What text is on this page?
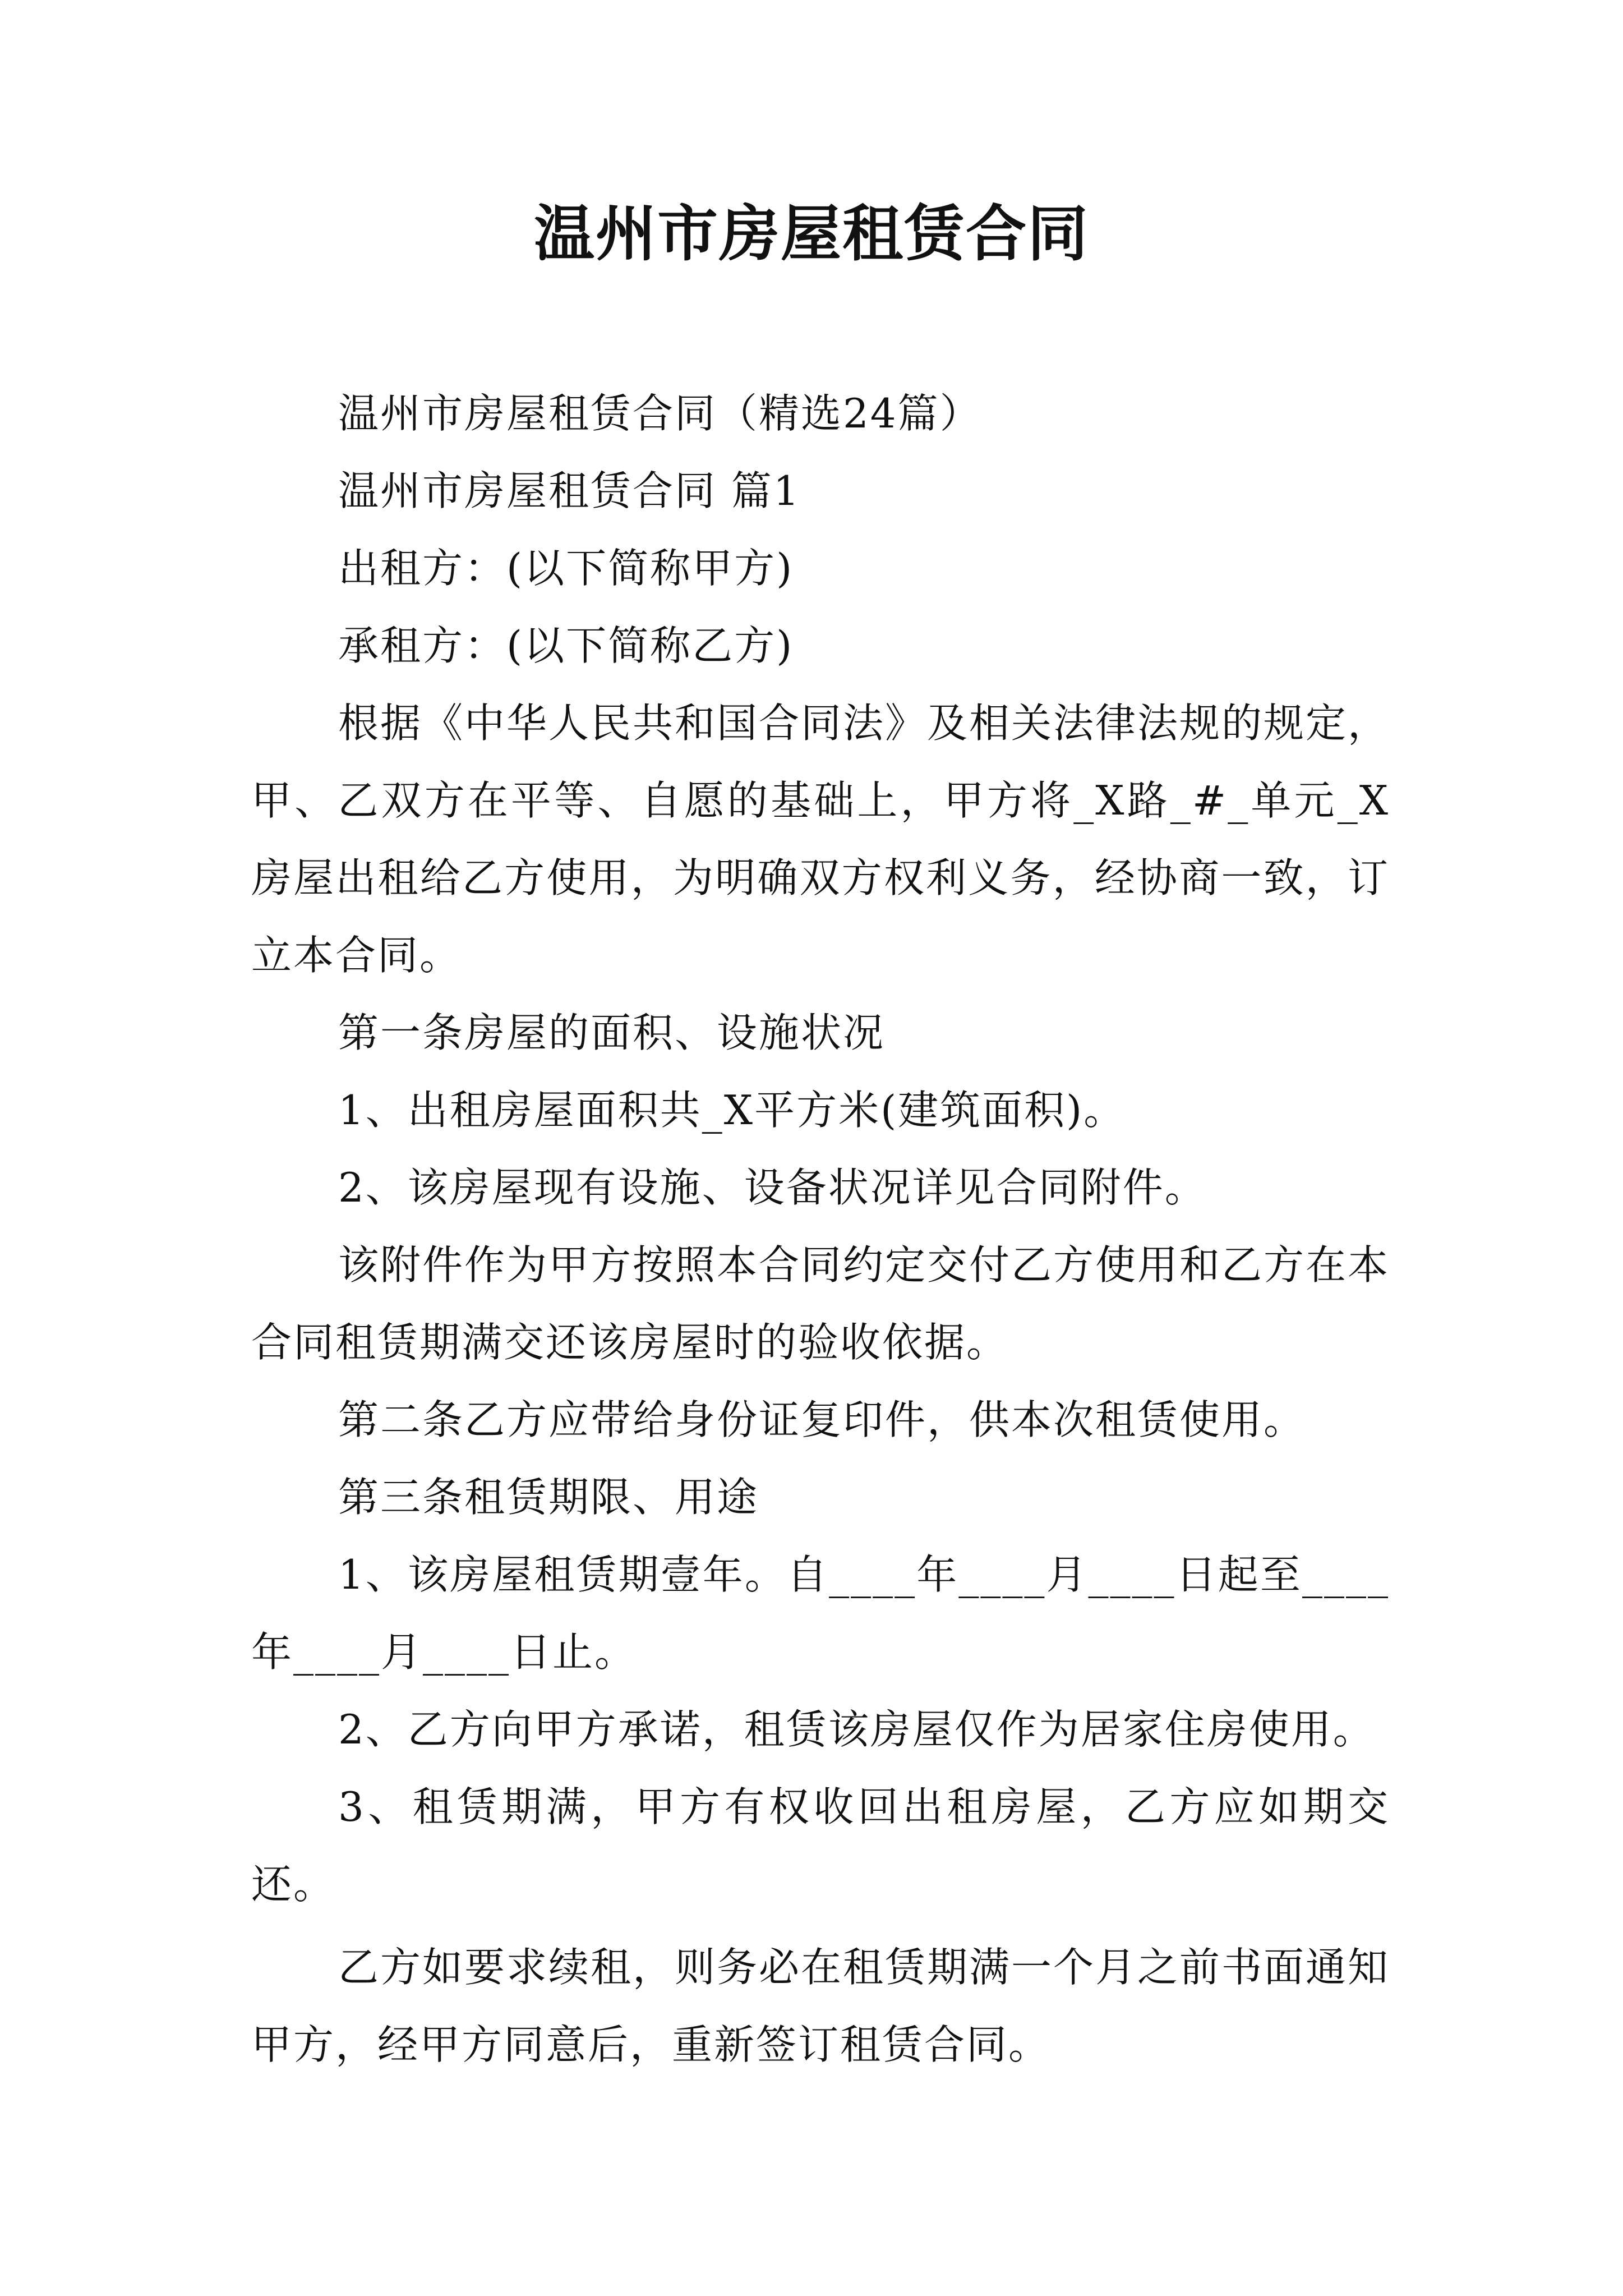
温州市房屋租赁合同

温州市房屋租赁合同（精选24篇）

温州市房屋租赁合同 篇1

出租方：(以下简称甲方)

承租方：(以下简称乙方)

根据《中华人民共和国合同法》及相关法律法规的规定，甲、乙双方在平等、自愿的基础上，甲方将_X路_#_单元_X房屋出租给乙方使用，为明确双方权利义务，经协商一致，订立本合同。

第一条房屋的面积、设施状况

1、出租房屋面积共_X平方米(建筑面积)。

2、该房屋现有设施、设备状况详见合同附件。

该附件作为甲方按照本合同约定交付乙方使用和乙方在本合同租赁期满交还该房屋时的验收依据。

第二条乙方应带给身份证复印件，供本次租赁使用。

第三条租赁期限、用途

1、该房屋租赁期壹年。自____年____月____日起至____年____月____日止。

2、乙方向甲方承诺，租赁该房屋仅作为居家住房使用。

3、租赁期满，甲方有权收回出租房屋，乙方应如期交还。

乙方如要求续租，则务必在租赁期满一个月之前书面通知甲方，经甲方同意后，重新签订租赁合同。
